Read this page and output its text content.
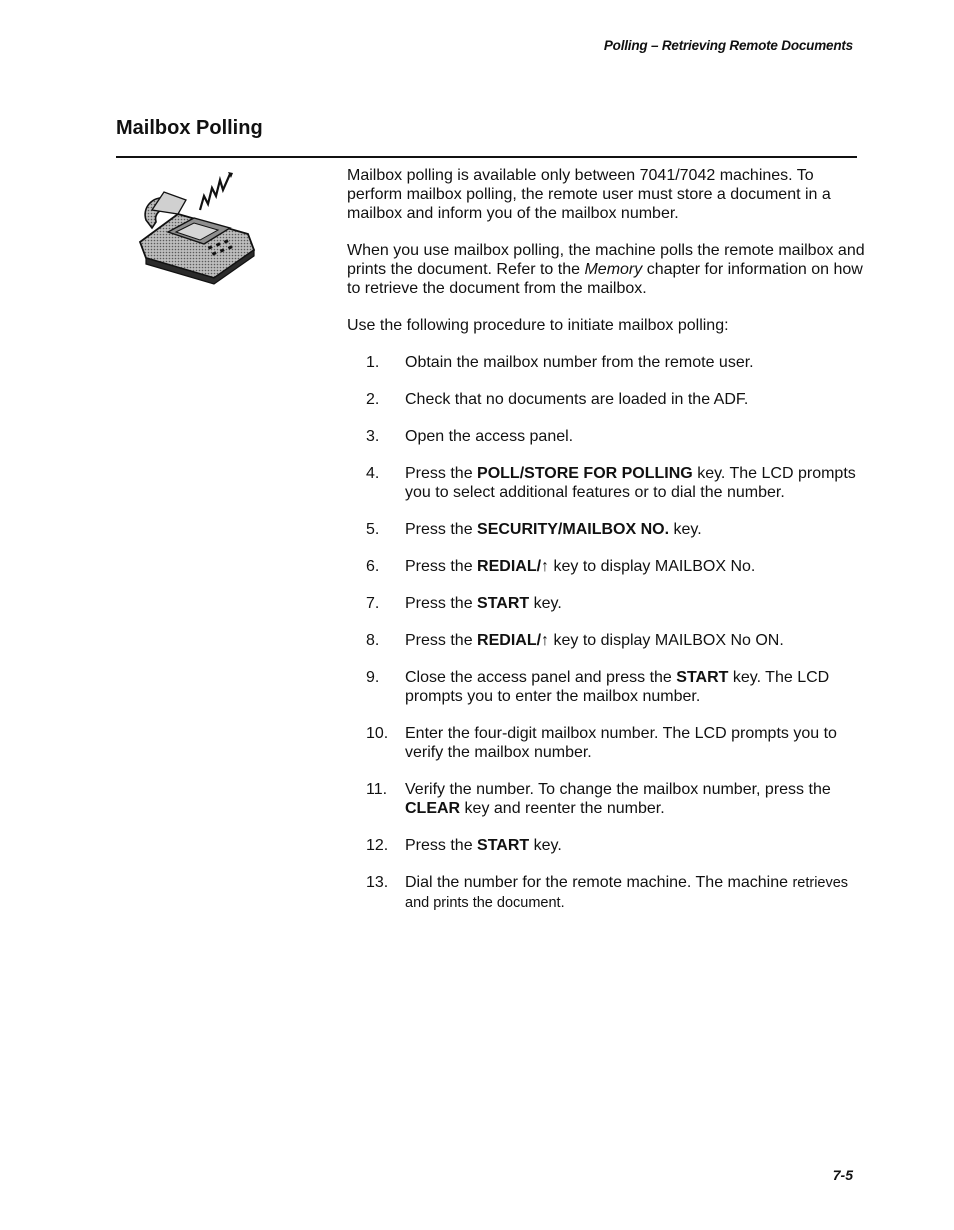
Polling – Retrieving Remote Documents
Mailbox Polling

Mailbox polling is available only between 7041/7042 machines. To perform mailbox polling, the remote user must store a document in a mailbox and inform you of the mailbox number.

When you use mailbox polling, the machine polls the remote mailbox and prints the document. Refer to the Memory chapter for information on how to retrieve the document from the mailbox.

Use the following procedure to initiate mailbox polling:

1. Obtain the mailbox number from the remote user.
2. Check that no documents are loaded in the ADF.
3. Open the access panel.
4. Press the POLL/STORE FOR POLLING key. The LCD prompts you to select additional features or to dial the number.
5. Press the SECURITY/MAILBOX NO. key.
6. Press the REDIAL/↑ key to display MAILBOX No.
7. Press the START key.
8. Press the REDIAL/↑ key to display MAILBOX No ON.
9. Close the access panel and press the START key. The LCD prompts you to enter the mailbox number.
10. Enter the four-digit mailbox number. The LCD prompts you to verify the mailbox number.
11. Verify the number. To change the mailbox number, press the CLEAR key and reenter the number.
12. Press the START key.
13. Dial the number for the remote machine. The machine retrieves and prints the document.
7-5
